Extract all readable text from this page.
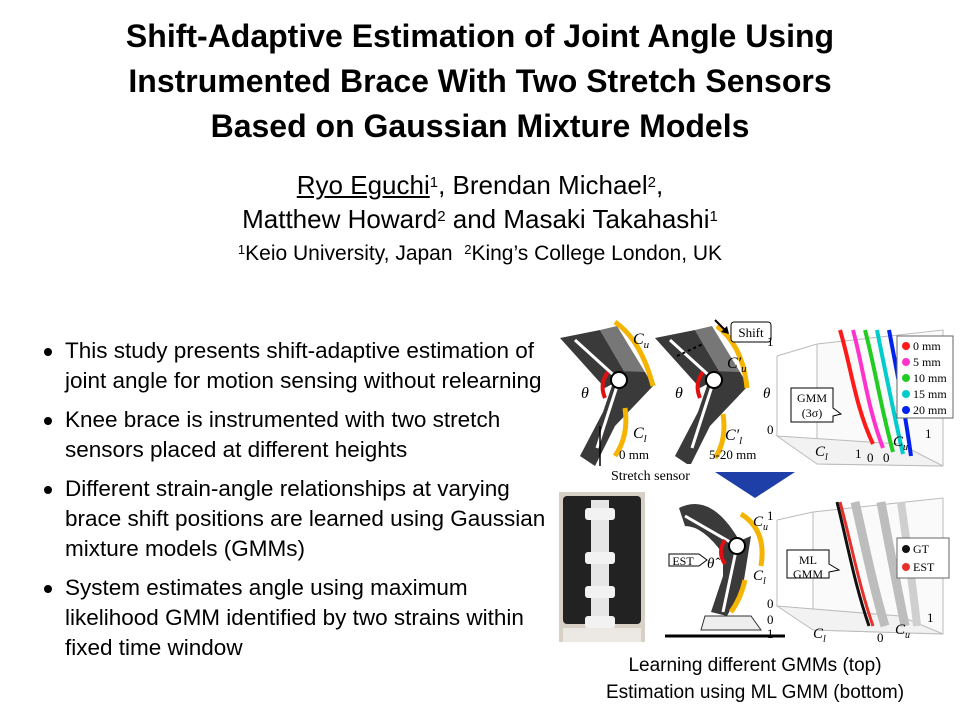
Shift-Adaptive Estimation of Joint Angle Using
Instrumented Brace With Two Stretch Sensors
Based on Gaussian Mixture Models
Ryo Eguchi$^1$, Brendan Michael$^2$,
Matthew Howard$^2$ and Masaki Takahashi$^1$
$^1$Keio University, Japan $^2$King’s College London, UK
This study presents shift-adaptive estimation of joint angle for motion sensing without relearning
Knee brace is instrumented with two stretch sensors placed at different heights
Different strain-angle relationships at varying brace shift positions are learned using Gaussian mixture models (GMMs)
System estimates angle using maximum likelihood GMM identified by two strains within fixed time window
Shift
$C_u$
$C'_u$
θ	θ
$C_l$	$C'_l$
0 mm	5-20 mm
Stretch sensor
0 mm
5 mm
10 mm
15 mm
20 mm
GMM
(3σ)
θ
1
0
$C_l$
$C_u$
1 0 0
1
$C_u$
$C_l$
θ̂
EST
GT
EST
ML
GMM
1
0
0
1	$C_l$	0 $C_u$
1
Learning different GMMs (top)
Estimation using ML GMM (bottom)
